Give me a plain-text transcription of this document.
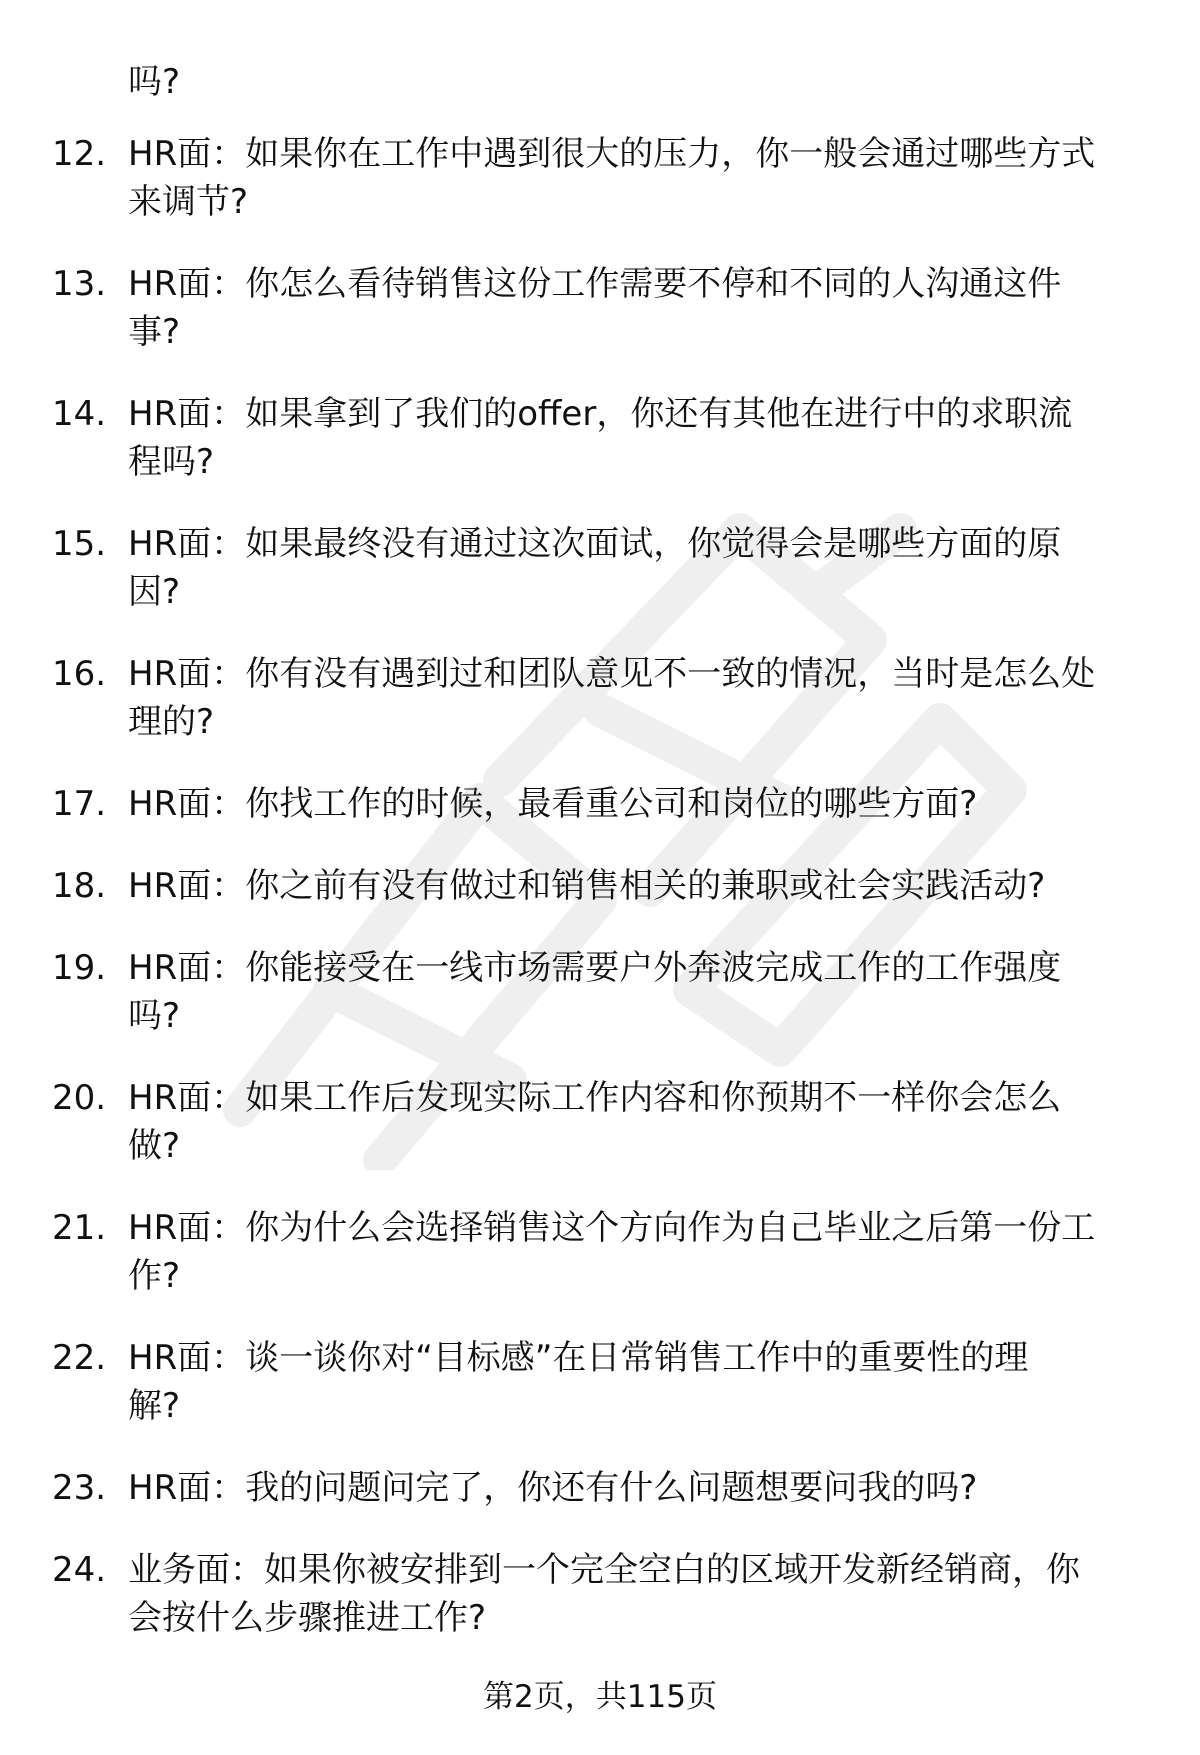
吗?
12. HR面：如果你在工作中遇到很大的压力，你一般会通过哪些方式
来调节?
13. HR面：你怎么看待销售这份工作需要不停和不同的人沟通这件
事?
14. HR面：如果拿到了我们的offer，你还有其他在进行中的求职流
程吗?
15. HR面：如果最终没有通过这次面试，你觉得会是哪些方面的原
因?
16. HR面：你有没有遇到过和团队意见不一致的情况，当时是怎么处
理的?
17. HR面：你找工作的时候，最看重公司和岗位的哪些方面?
18. HR面：你之前有没有做过和销售相关的兼职或社会实践活动?
19. HR面：你能接受在一线市场需要户外奔波完成工作的工作强度
吗?
20. HR面：如果工作后发现实际工作内容和你预期不一样你会怎么
做?
21. HR面：你为什么会选择销售这个方向作为自己毕业之后第一份工
作?
22. HR面：谈一谈你对“目标感”在日常销售工作中的重要性的理
解?
23. HR面：我的问题问完了，你还有什么问题想要问我的吗?
24. 业务面：如果你被安排到一个完全空白的区域开发新经销商，你
会按什么步骤推进工作?
第2页，共115页
